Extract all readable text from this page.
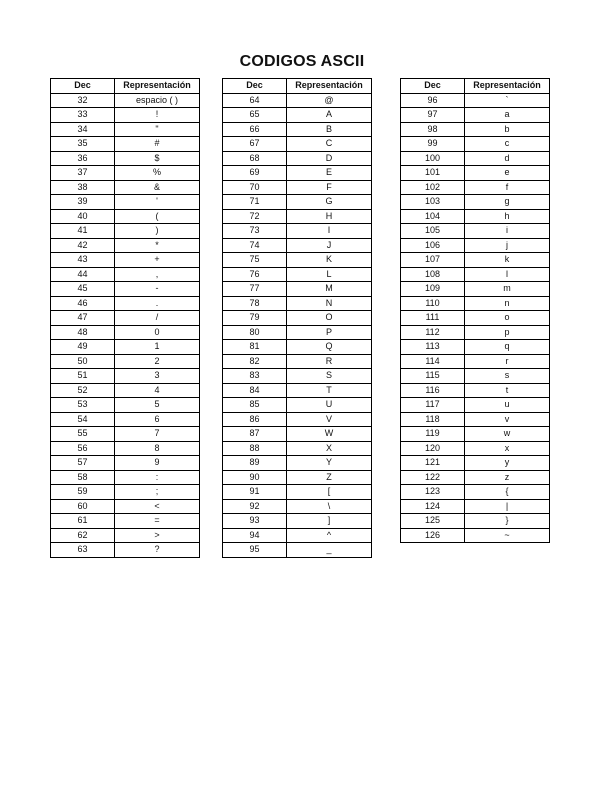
CODIGOS ASCII
Dec	Representación
32	espacio ( )
33	!
34	"
35	#
36	$
37	%
38	&
39	'
40	(
41	)
42	*
43	+
44	,
45	-
46	.
47	/
48	0
49	1
50	2
51	3
52	4
53	5
54	6
55	7
56	8
57	9
58	:
59	;
60	<
61	=
62	>
63	?
Dec	Representación
64	@
65	A
66	B
67	C
68	D
69	E
70	F
71	G
72	H
73	I
74	J
75	K
76	L
77	M
78	N
79	O
80	P
81	Q
82	R
83	S
84	T
85	U
86	V
87	W
88	X
89	Y
90	Z
91	[
92	\
93	]
94	^
95	_
Dec	Representación
96	`
97	a
98	b
99	c
100	d
101	e
102	f
103	g
104	h
105	i
106	j
107	k
108	l
109	m
110	n
111	o
112	p
113	q
114	r
115	s
116	t
117	u
118	v
119	w
120	x
121	y
122	z
123	{
124	|
125	}
126	~
